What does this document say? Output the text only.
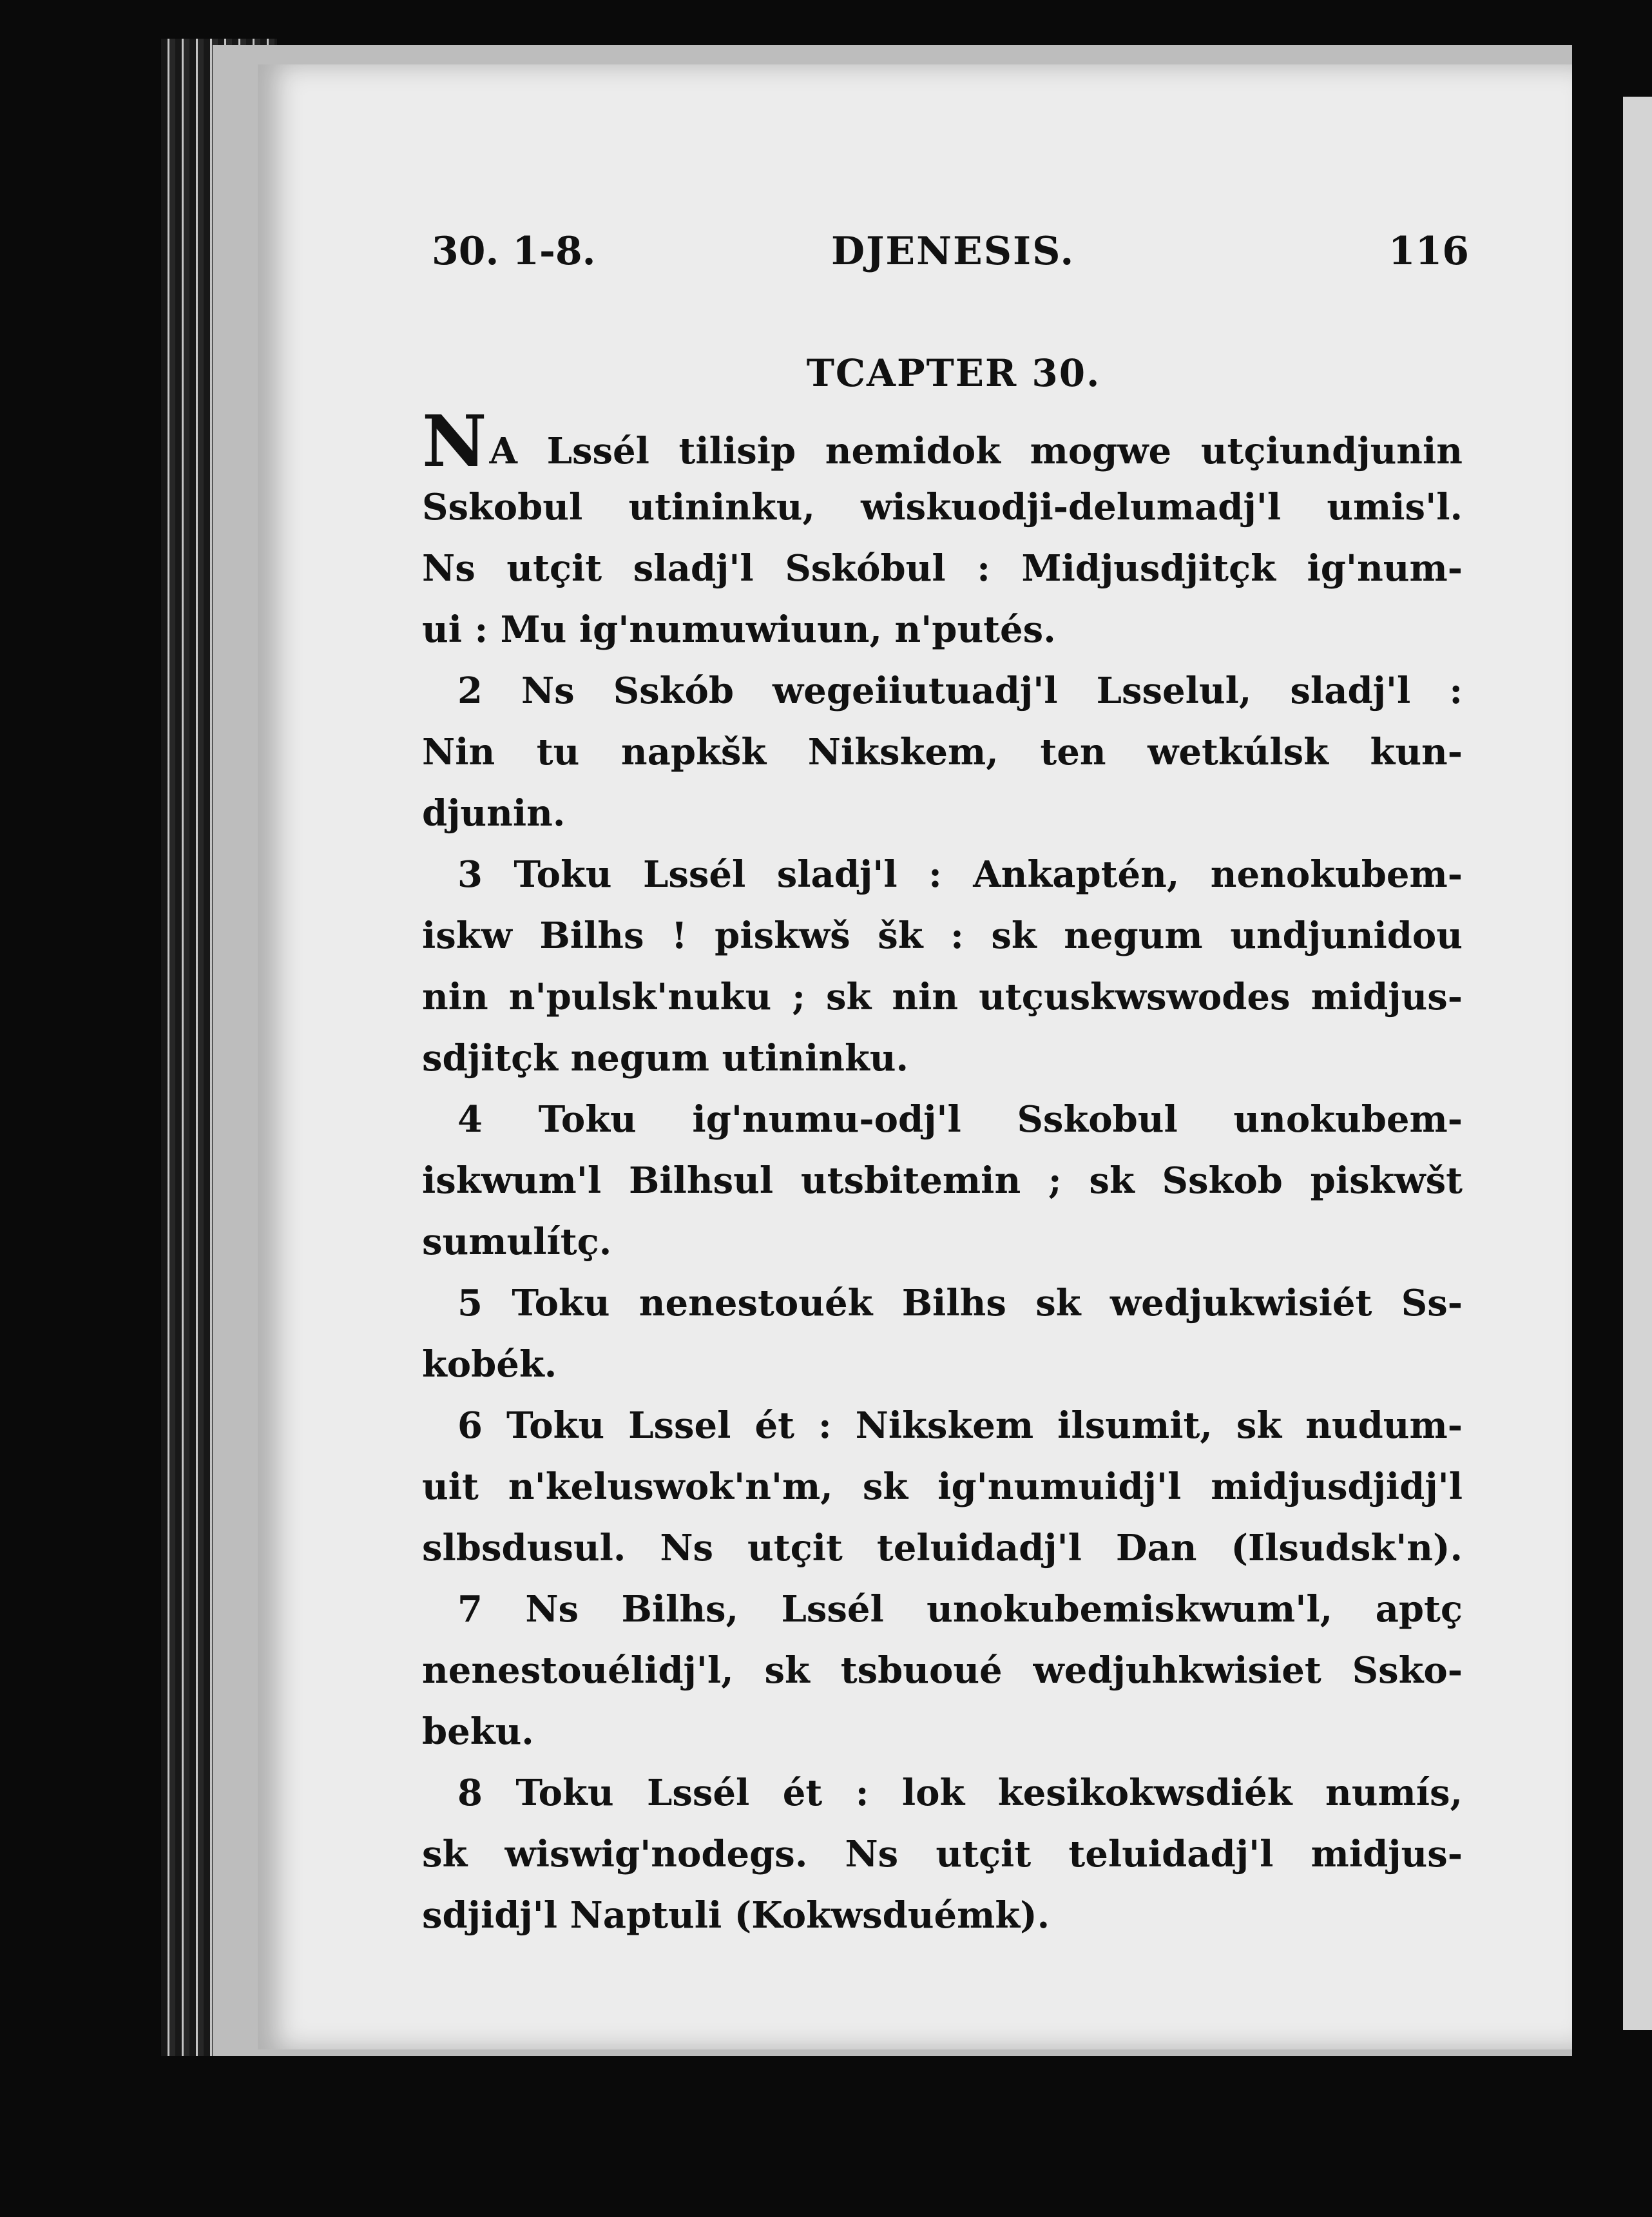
30. 1-8.	DJENESIS.	116
TCAPTER 30.
NA Lssél tilisip nemidok mogwe utçiundjunin
Sskobul utininku, wiskuodji-delumadj'l umis'l.
Ns utçit sladj'l Sskóbul : Midjusdjitçk ig'num-
ui : Mu ig'numuwiuun, n'putés.
2 Ns Sskób wegeiiutuadj'l Lsselul, sladj'l :
Nin tu napkšk Nikskem, ten wetkúlsk kun-
djunin.
3 Toku Lssél sladj'l : Ankaptén, nenokubem-
iskw Bilhs ! piskwš šk : sk negum undjunidou
nin n'pulsk'nuku ; sk nin utçuskwswodes midjus-
sdjitçk negum utininku.
4 Toku ig'numu-odj'l Sskobul unokubem-
iskwum'l Bilhsul utsbitemin ; sk Sskob piskwšt
sumulítç.
5 Toku nenestouék Bilhs sk wedjukwisiét Ss-
kobék.
6 Toku Lssel ét : Nikskem ilsumit, sk nudum-
uit n'keluswok'n'm, sk ig'numuidj'l midjusdjidj'l
slbsdusul. Ns utçit teluidadj'l Dan (Ilsudsk'n).
7 Ns Bilhs, Lssél unokubemiskwum'l, aptç
nenestouélidj'l, sk tsbuoué wedjuhkwisiet Ssko-
beku.
8 Toku Lssél ét : lok kesikokwsdiék numís,
sk wiswig'nodegs. Ns utçit teluidadj'l midjus-
sdjidj'l Naptuli (Kokwsduémk).
